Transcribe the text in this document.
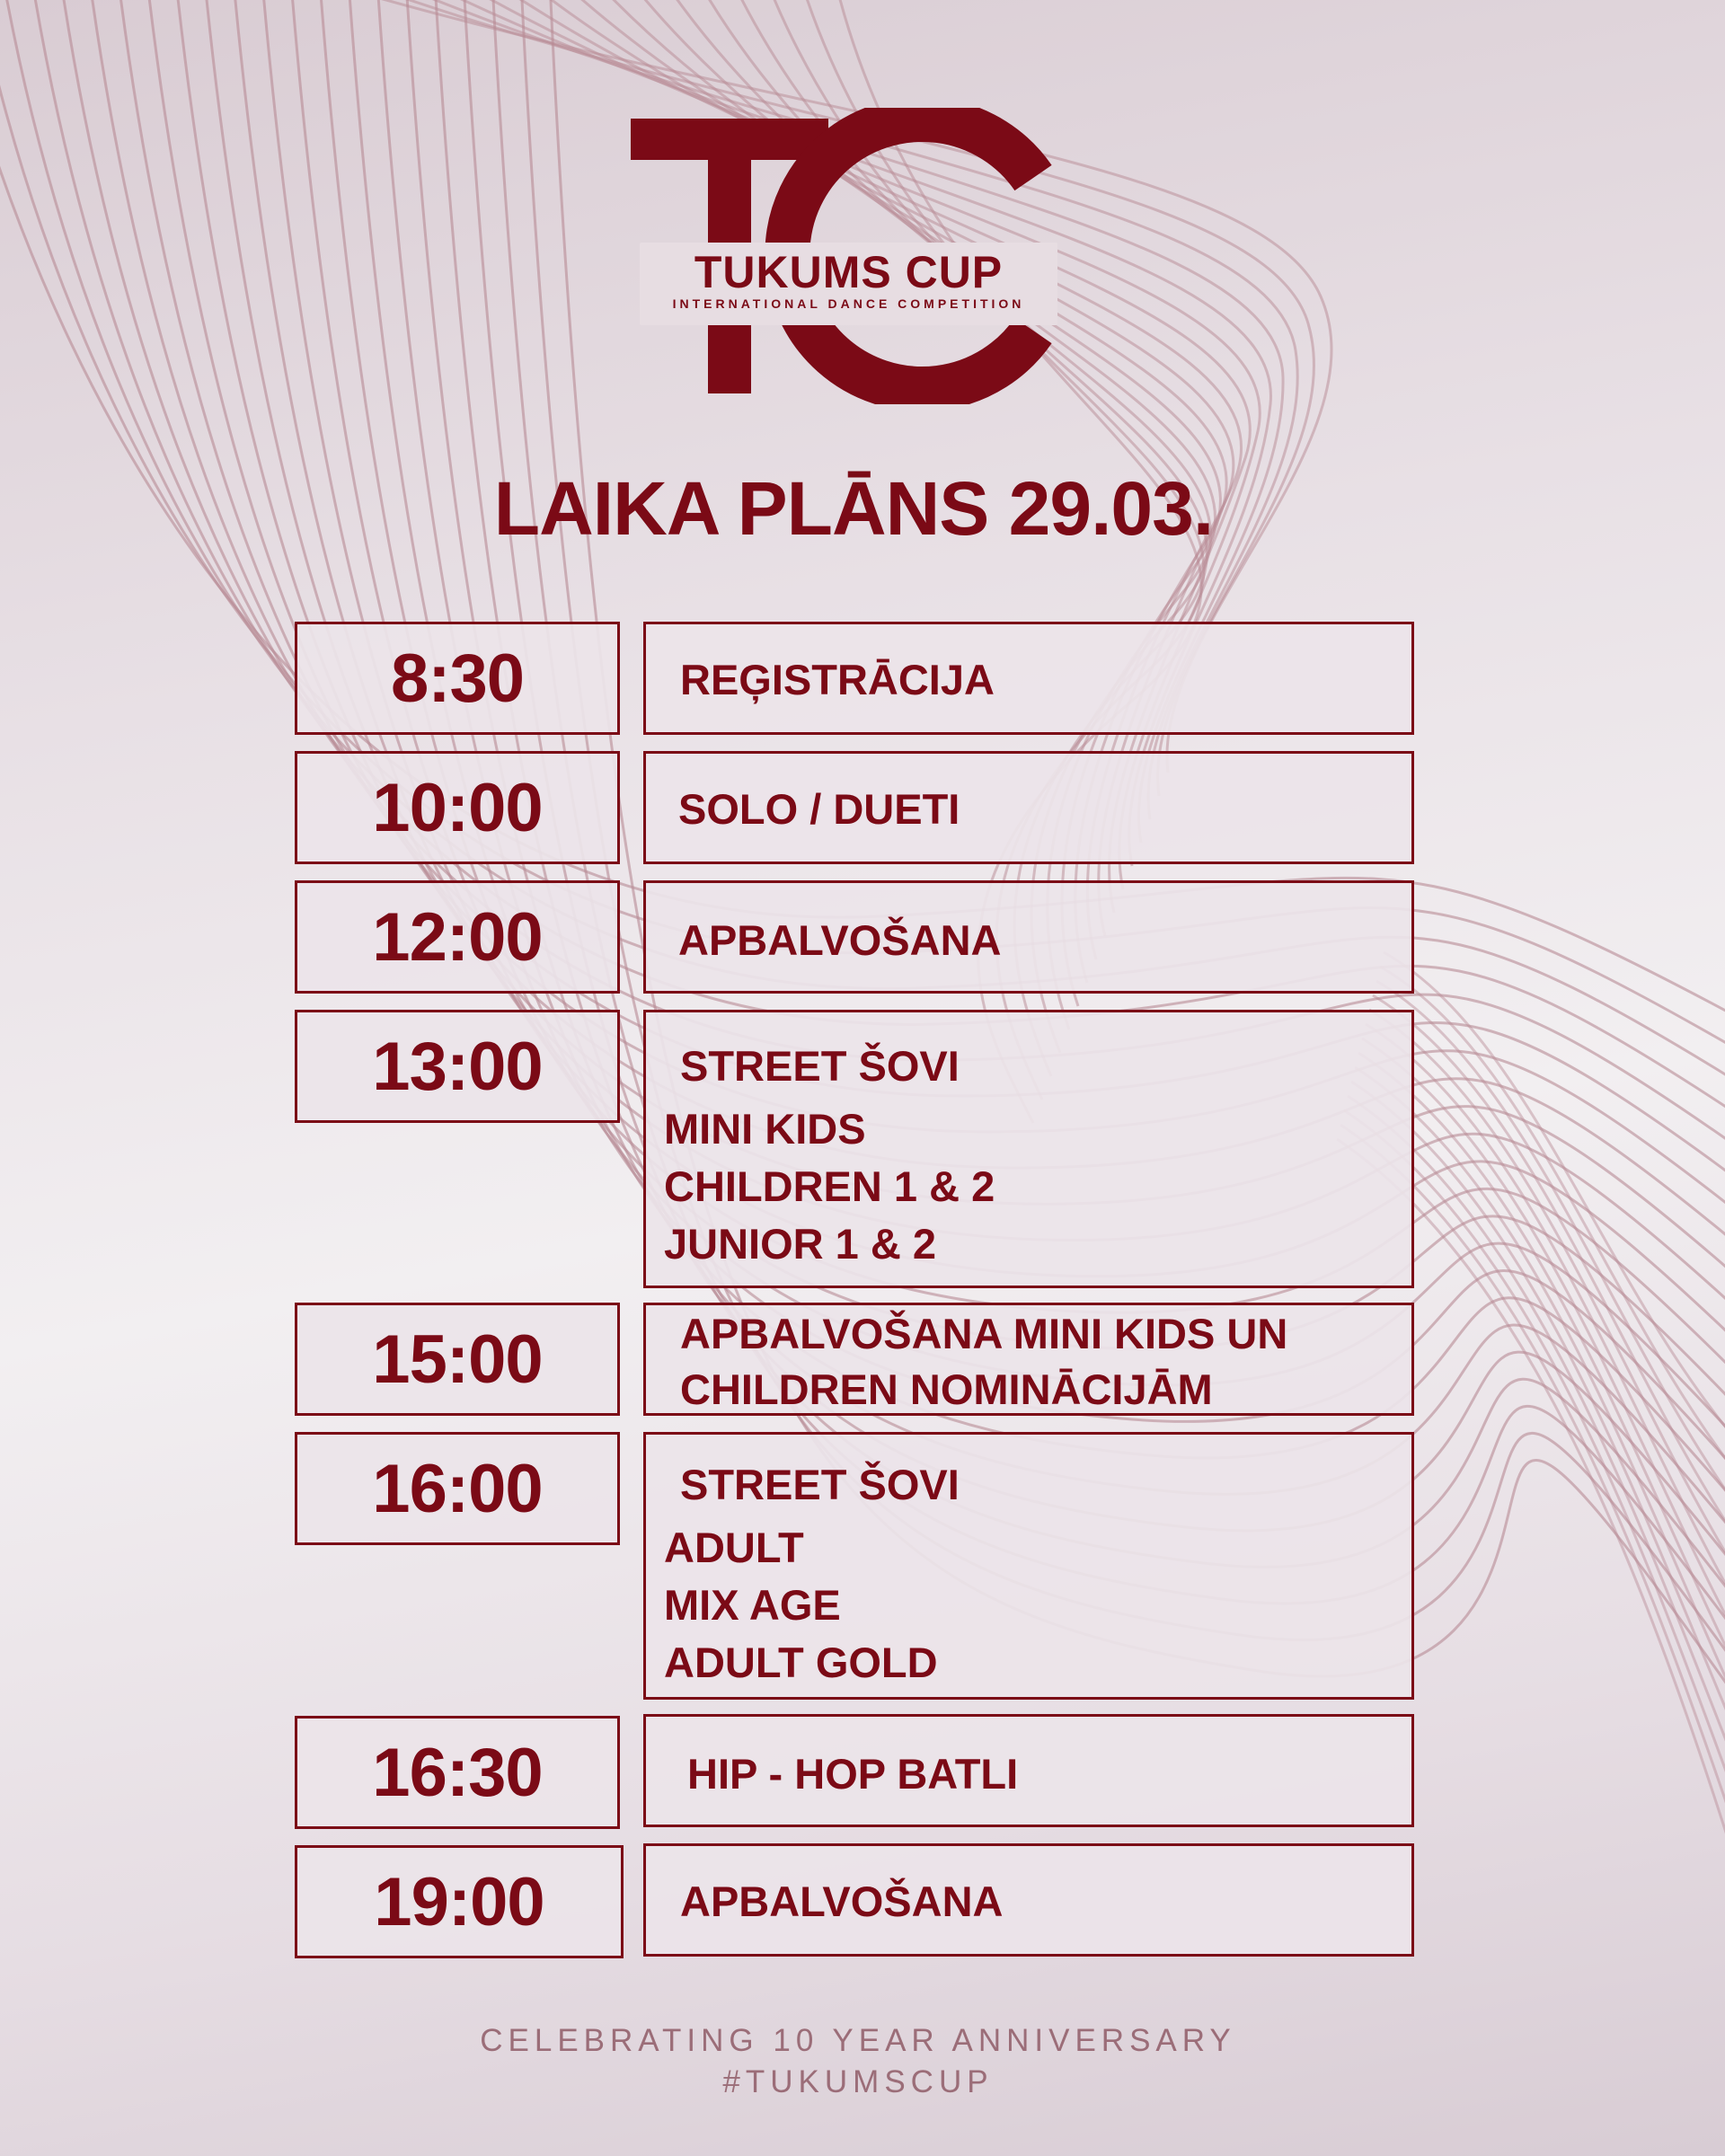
TUKUMS CUP
INTERNATIONAL DANCE COMPETITION
LAIKA PLĀNS 29.03.
8:30	REĢISTRĀCIJA
10:00	SOLO / DUETI
12:00	APBALVOŠANA
13:00	STREET ŠOVI
MINI KIDS
CHILDREN 1 & 2
JUNIOR 1 & 2
15:00	APBALVOŠANA MINI KIDS UN
CHILDREN NOMINĀCIJĀM
16:00	STREET ŠOVI
ADULT
MIX AGE
ADULT GOLD
16:30	HIP - HOP BATLI
19:00	APBALVOŠANA
CELEBRATING 10 YEAR ANNIVERSARY
#TUKUMSCUP
